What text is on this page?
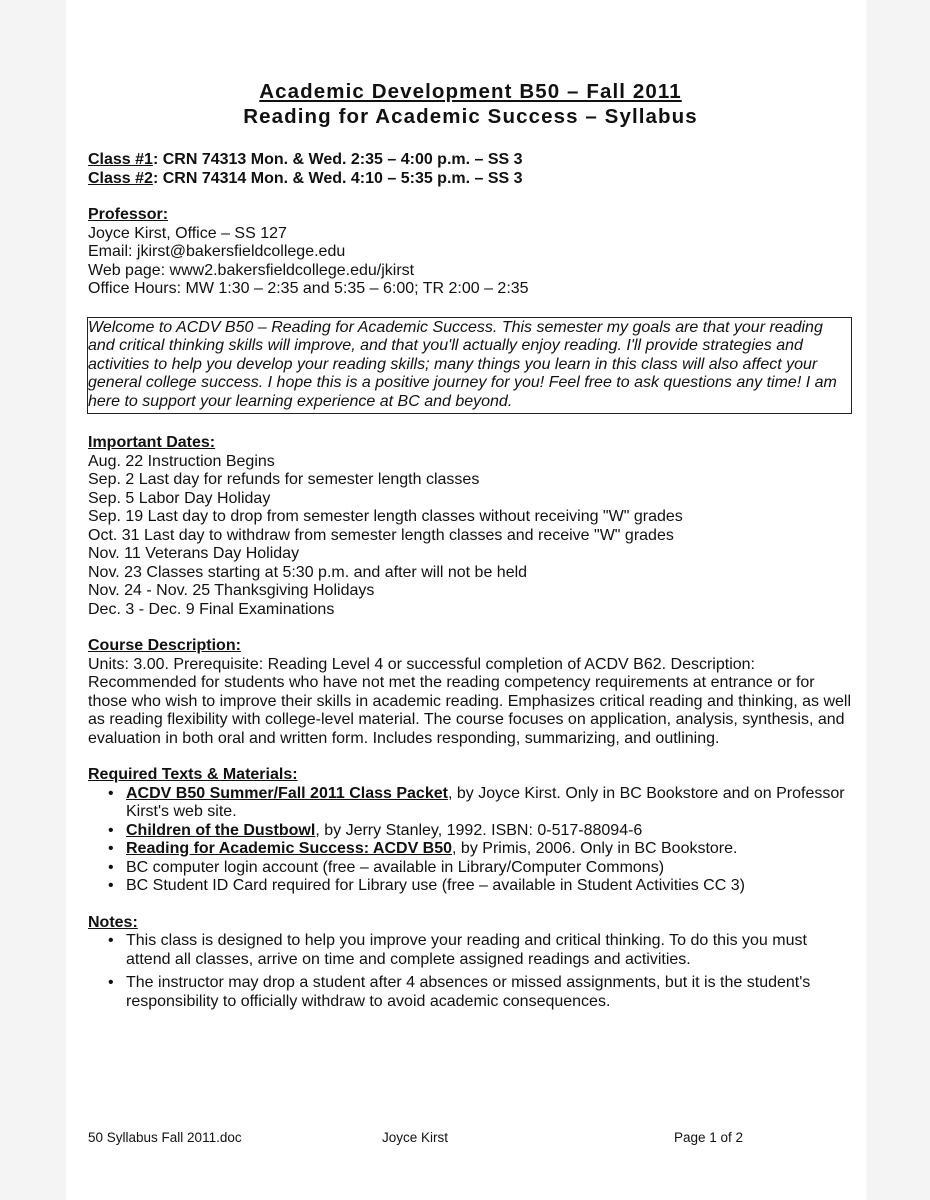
Academic Development B50 – Fall 2011
Reading for Academic Success – Syllabus
Class #1: CRN 74313 Mon. & Wed. 2:35 – 4:00 p.m. – SS 3
Class #2: CRN 74314 Mon. & Wed. 4:10 – 5:35 p.m. – SS 3
Professor:
Joyce Kirst, Office – SS 127
Email: jkirst@bakersfieldcollege.edu
Web page: www2.bakersfieldcollege.edu/jkirst
Office Hours: MW 1:30 – 2:35 and 5:35 – 6:00; TR 2:00 – 2:35

Welcome to ACDV B50 – Reading for Academic Success. This semester my goals are that your reading and critical thinking skills will improve, and that you'll actually enjoy reading. I'll provide strategies and activities to help you develop your reading skills; many things you learn in this class will also affect your general college success. I hope this is a positive journey for you! Feel free to ask questions any time! I am here to support your learning experience at BC and beyond.

Important Dates:
Aug. 22 Instruction Begins
Sep. 2 Last day for refunds for semester length classes
Sep. 5 Labor Day Holiday
Sep. 19 Last day to drop from semester length classes without receiving "W" grades
Oct. 31 Last day to withdraw from semester length classes and receive "W" grades
Nov. 11 Veterans Day Holiday
Nov. 23 Classes starting at 5:30 p.m. and after will not be held
Nov. 24 - Nov. 25 Thanksgiving Holidays
Dec. 3 - Dec. 9 Final Examinations
Course Description:
Units: 3.00. Prerequisite: Reading Level 4 or successful completion of ACDV B62. Description: Recommended for students who have not met the reading competency requirements at entrance or for those who wish to improve their skills in academic reading. Emphasizes critical reading and thinking, as well as reading flexibility with college-level material. The course focuses on application, analysis, synthesis, and evaluation in both oral and written form. Includes responding, summarizing, and outlining.
Required Texts & Materials:
• ACDV B50 Summer/Fall 2011 Class Packet, by Joyce Kirst. Only in BC Bookstore and on Professor Kirst's web site.
• Children of the Dustbowl, by Jerry Stanley, 1992. ISBN: 0-517-88094-6
• Reading for Academic Success: ACDV B50, by Primis, 2006. Only in BC Bookstore.
• BC computer login account (free – available in Library/Computer Commons)
• BC Student ID Card required for Library use (free – available in Student Activities CC 3)
Notes:
• This class is designed to help you improve your reading and critical thinking. To do this you must attend all classes, arrive on time and complete assigned readings and activities.
• The instructor may drop a student after 4 absences or missed assignments, but it is the student's responsibility to officially withdraw to avoid academic consequences.
50 Syllabus Fall 2011.doc	Joyce Kirst	Page 1 of 2
